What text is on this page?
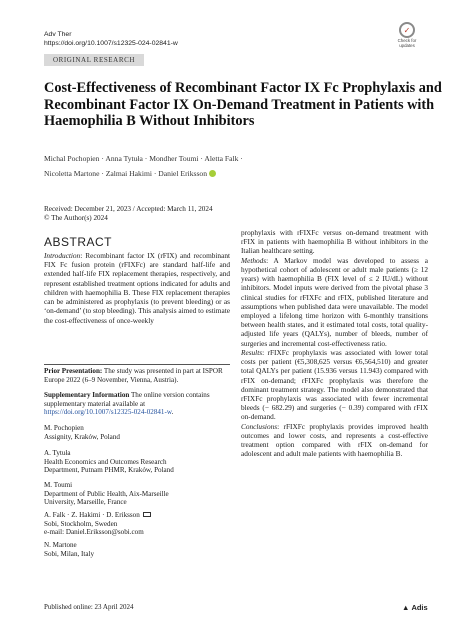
Adv Ther
https://doi.org/10.1007/s12325-024-02841-w
✓
Check for updates
ORIGINAL RESEARCH
Cost-Effectiveness of Recombinant Factor IX Fc Prophylaxis and Recombinant Factor IX On-Demand Treatment in Patients with Haemophilia B Without Inhibitors
Michal Pochopien · Anna Tytuła · Mondher Toumi · Aletta Falk ·
Nicoletta Martone · Zalmai Hakimi · Daniel Eriksson
Received: December 21, 2023 / Accepted: March 11, 2024
© The Author(s) 2024
ABSTRACT

Introduction: Recombinant factor IX (rFIX) and recombinant FIX Fc fusion protein (rFIXFc) are standard half-life and extended half-life FIX replacement therapies, respectively, and represent established treatment options indicated for adults and children with haemophilia B. These FIX replacement therapies can be administered as prophylaxis (to prevent bleeding) or as ‘on-demand’ (to stop bleeding). This analysis aimed to estimate the cost-effectiveness of once-weekly

prophylaxis with rFIXFc versus on-demand treatment with rFIX in patients with haemophilia B without inhibitors in the Italian healthcare setting.

Methods: A Markov model was developed to assess a hypothetical cohort of adolescent or adult male patients (≥ 12 years) with haemophilia B (FIX level of ≤ 2 IU/dL) without inhibitors. Model inputs were derived from the pivotal phase 3 clinical studies for rFIXFc and rFIX, published literature and assumptions when published data were unavailable. The model employed a lifelong time horizon with 6-monthly transitions between health states, and it estimated total costs, total quality-adjusted life years (QALYs), number of bleeds, number of surgeries and incremental cost-effectiveness ratio.

Results: rFIXFc prophylaxis was associated with lower total costs per patient (€5,308,625 versus €6,564,510) and greater total QALYs per patient (15.936 versus 11.943) compared with rFIX on-demand; rFIXFc prophylaxis was therefore the dominant treatment strategy. The model also demonstrated that rFIXFc prophylaxis was associated with fewer incremental bleeds (− 682.29) and surgeries (− 0.39) compared with rFIX on-demand.

Conclusions: rFIXFc prophylaxis provides improved health outcomes and lower costs, and represents a cost-effective treatment option compared with rFIX on-demand for adolescent and adult male patients with haemophilia B.

Prior Presentation: The study was presented in part at ISPOR Europe 2022 (6–9 November, Vienna, Austria).
Supplementary Information The online version contains supplementary material available at https://doi.org/10.1007/s12325-024-02841-w.
M. Pochopien
Assignity, Kraków, Poland
A. Tytuła
Health Economics and Outcomes Research
Department, Putnam PHMR, Kraków, Poland
M. Toumi
Department of Public Health, Aix-Marseille
University, Marseille, France
A. Falk · Z. Hakimi · D. Eriksson
Sobi, Stockholm, Sweden
e-mail: Daniel.Eriksson@sobi.com
N. Martone
Sobi, Milan, Italy
Published online: 23 April 2024	▲ Adis
